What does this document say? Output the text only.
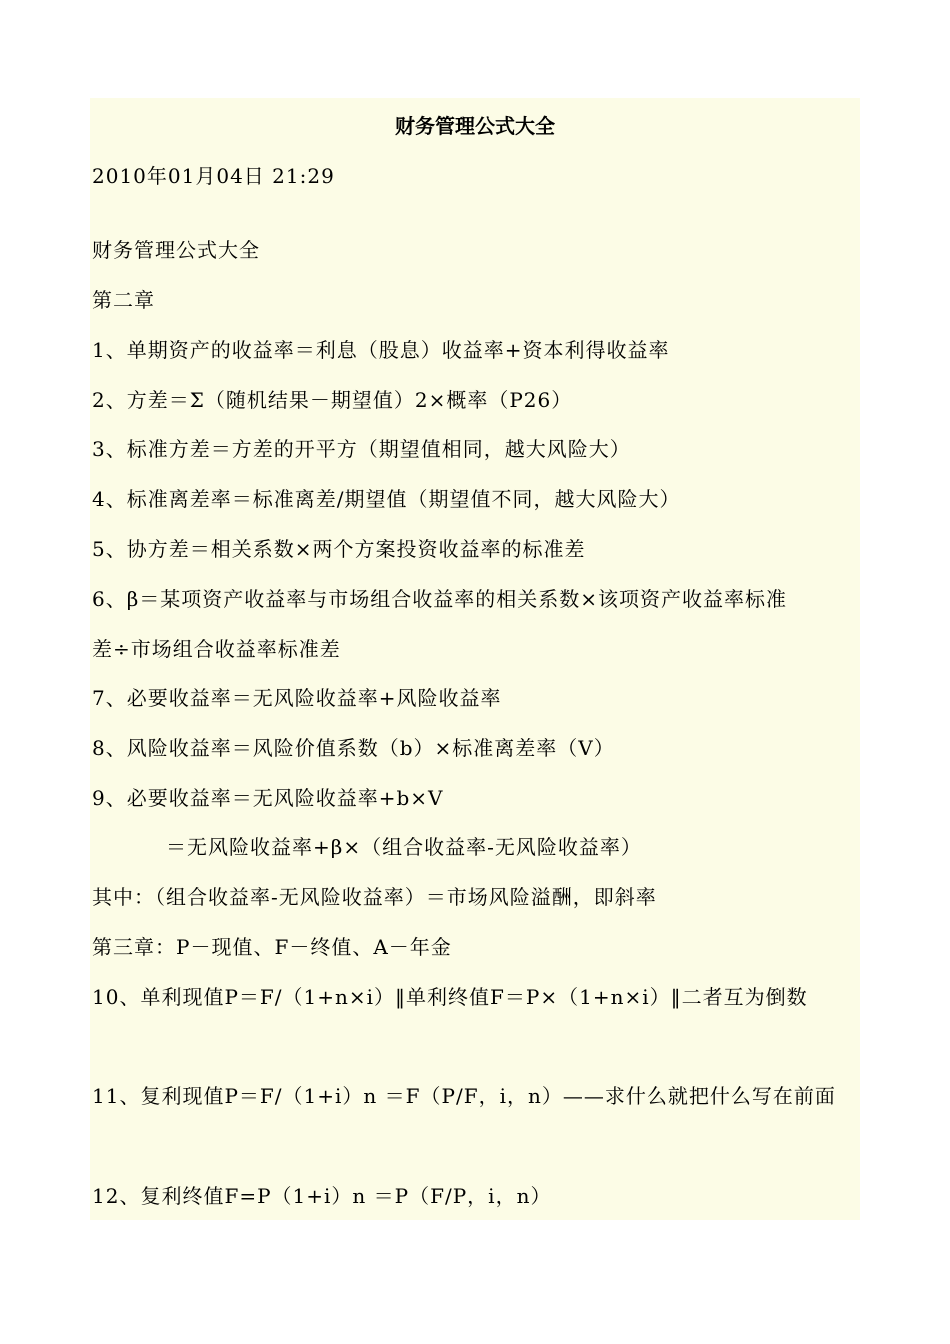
财务管理公式大全
2010年01月04日 21:29
财务管理公式大全
第二章
1、单期资产的收益率＝利息（股息）收益率+资本利得收益率
2、方差＝Σ（随机结果－期望值）2×概率（P26）
3、标准方差＝方差的开平方（期望值相同，越大风险大）
4、标准离差率＝标准离差/期望值（期望值不同，越大风险大）
5、协方差＝相关系数×两个方案投资收益率的标准差
6、β＝某项资产收益率与市场组合收益率的相关系数×该项资产收益率标准
差÷市场组合收益率标准差
7、必要收益率＝无风险收益率+风险收益率
8、风险收益率＝风险价值系数（b）×标准离差率（V）
9、必要收益率＝无风险收益率+b×V
＝无风险收益率+β×（组合收益率-无风险收益率）
其中：（组合收益率-无风险收益率）＝市场风险溢酬，即斜率
第三章：P－现值、F－终值、A－年金
10、单利现值P＝F/（1+n×i）‖单利终值F＝P×（1+n×i）‖二者互为倒数
11、复利现值P＝F/（1+i）n ＝F（P/F，i，n）——求什么就把什么写在前面
12、复利终值F=P（1+i）n ＝P（F/P，i，n）
